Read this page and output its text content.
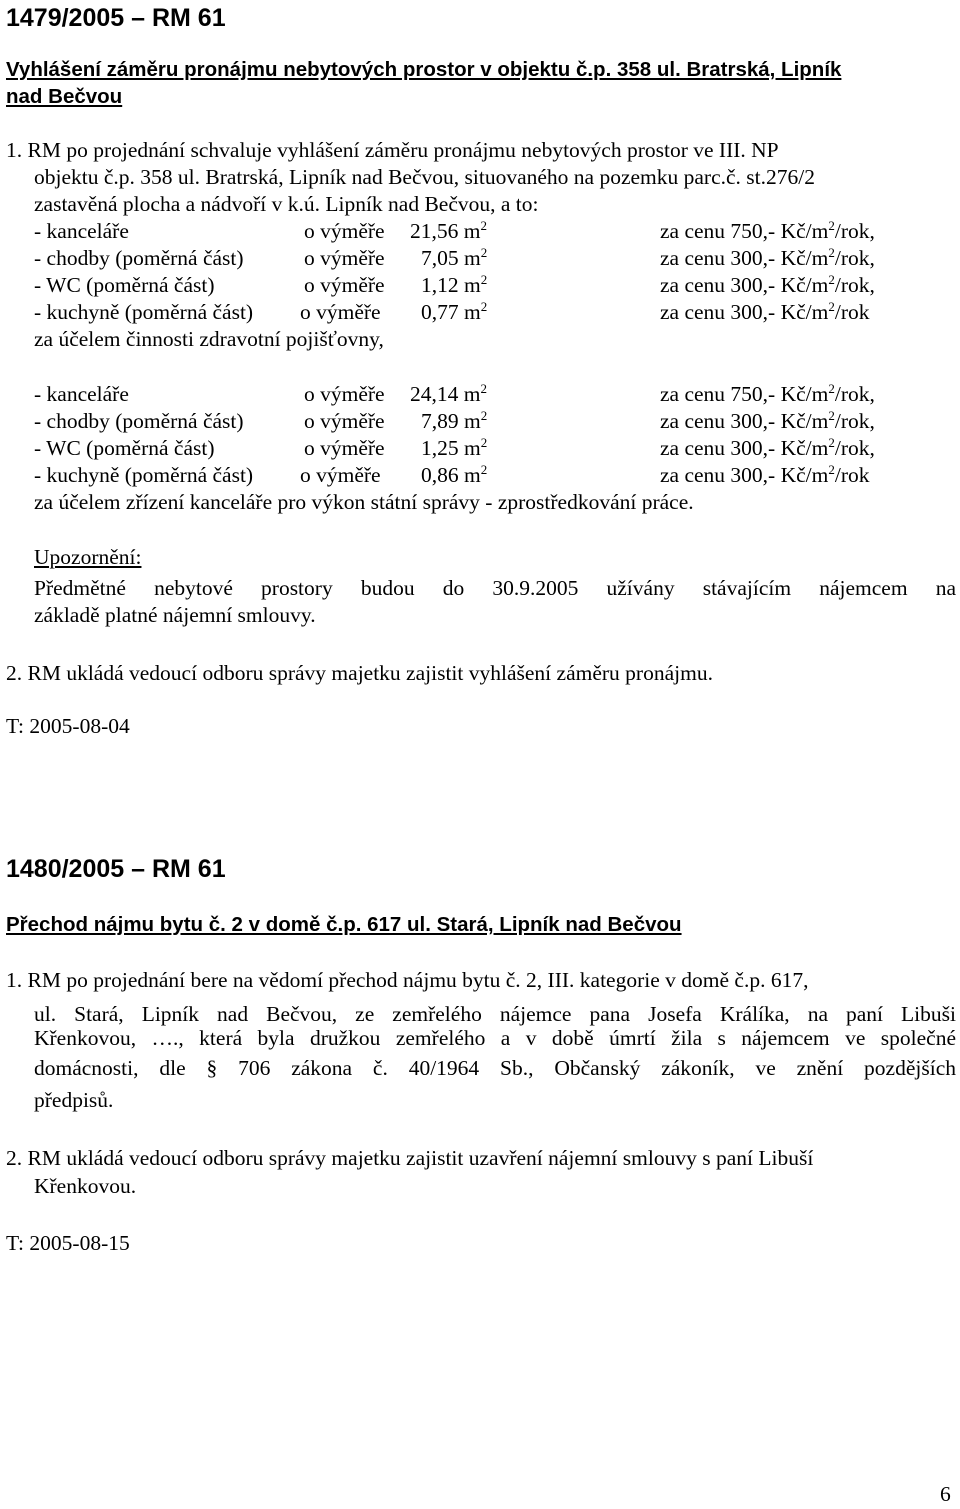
1479/2005 – RM 61
Vyhlášení záměru pronájmu nebytových prostor v objektu č.p. 358 ul. Bratrská, Lipník
nad Bečvou
1. RM po projednání schvaluje vyhlášení záměru pronájmu nebytových prostor ve III. NP
objektu č.p. 358 ul. Bratrská, Lipník nad Bečvou, situovaného na pozemku parc.č. st.276/2
zastavěná plocha a nádvoří v k.ú. Lipník nad Bečvou, a to:
- kanceláře	o výměře 21,56 $m^2$	za cenu 750,- $Kč/m^2$/rok,
- chodby (poměrná část)	o výměře 7,05 $m^2$	za cenu 300,- $Kč/m^2$/rok,
- WC (poměrná část)	o výměře 1,12 $m^2$	za cenu 300,- $Kč/m^2$/rok,
- kuchyně (poměrná část) o výměře 0,77 $m^2$	za cenu 300,- $Kč/m^2$/rok
za účelem činnosti zdravotní pojišťovny,
- kanceláře	o výměře 24,14 $m^2$	za cenu 750,- $Kč/m^2$/rok,
- chodby (poměrná část)	o výměře 7,89 $m^2$	za cenu 300,- $Kč/m^2$/rok,
- WC (poměrná část)	o výměře 1,25 $m^2$	za cenu 300,- $Kč/m^2$/rok,
- kuchyně (poměrná část) o výměře 0,86 $m^2$	za cenu 300,- $Kč/m^2$/rok
za účelem zřízení kanceláře pro výkon státní správy - zprostředkování práce.
Upozornění:
Předmětné nebytové prostory budou do 30.9.2005 užívány stávajícím nájemcem na
základě platné nájemní smlouvy.
2. RM ukládá vedoucí odboru správy majetku zajistit vyhlášení záměru pronájmu.
T: 2005-08-04
1480/2005 – RM 61
Přechod nájmu bytu č. 2 v domě č.p. 617 ul. Stará, Lipník nad Bečvou
1. RM po projednání bere na vědomí přechod nájmu bytu č. 2, III. kategorie v domě č.p. 617,
ul. Stará, Lipník nad Bečvou, ze zemřelého nájemce pana Josefa Králíka, na paní Libuši
Křenkovou, …., která byla družkou zemřelého a v době úmrtí žila s nájemcem ve společné
domácnosti, dle § 706 zákona č. 40/1964 Sb., Občanský zákoník, ve znění pozdějších
předpisů.
2. RM ukládá vedoucí odboru správy majetku zajistit uzavření nájemní smlouvy s paní Libuší
Křenkovou.
T: 2005-08-15
6
